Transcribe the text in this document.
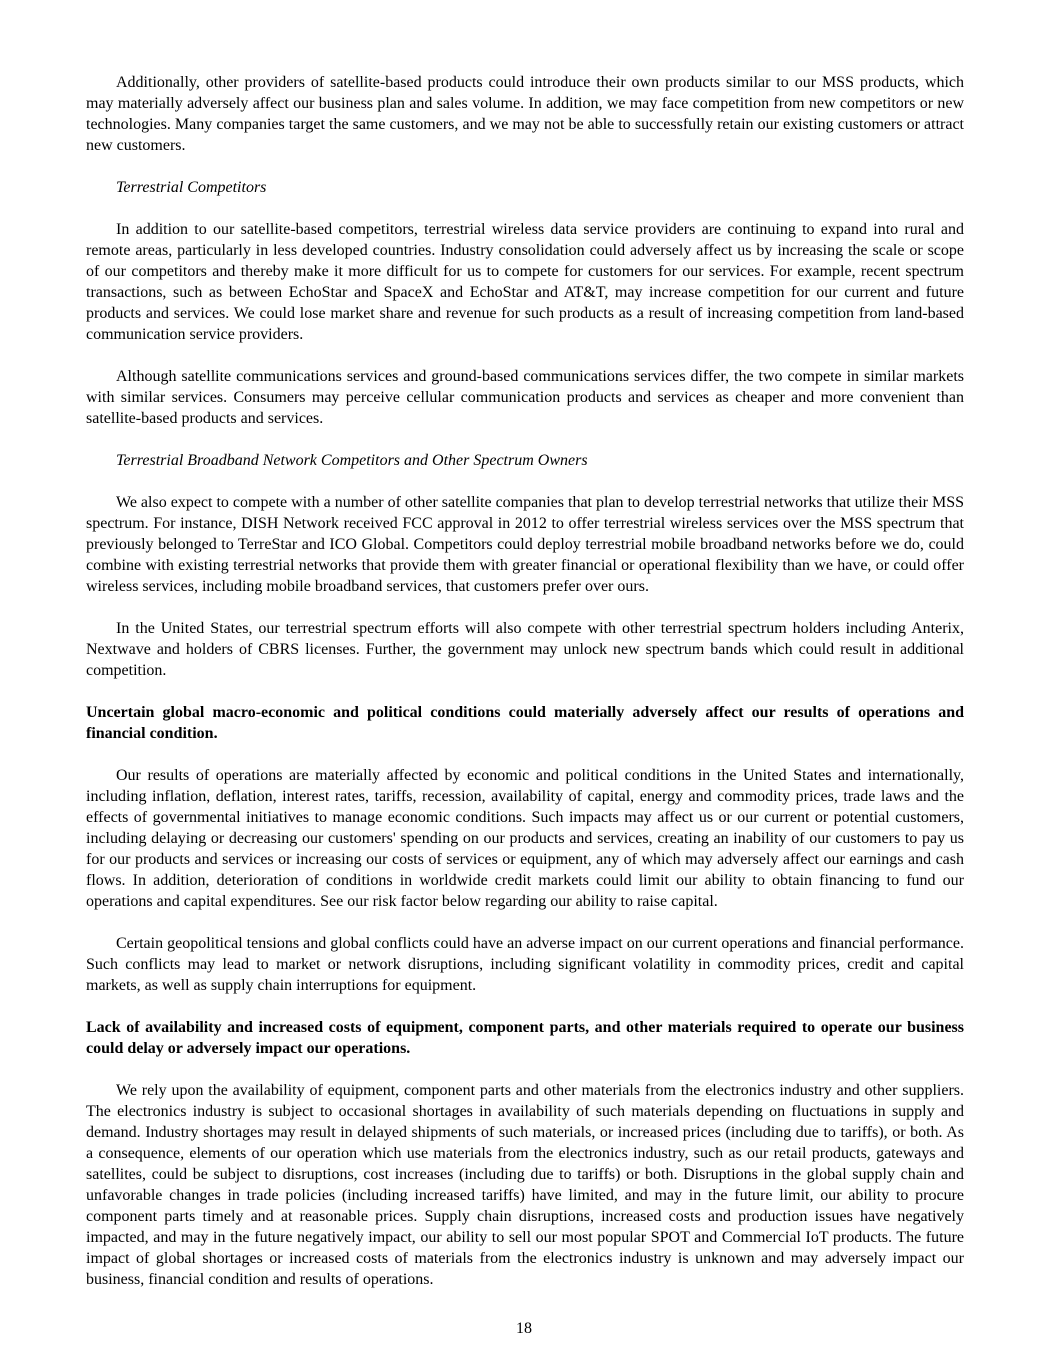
Additionally, other providers of satellite-based products could introduce their own products similar to our MSS products, which may materially adversely affect our business plan and sales volume. In addition, we may face competition from new competitors or new technologies. Many companies target the same customers, and we may not be able to successfully retain our existing customers or attract new customers.

Terrestrial Competitors

In addition to our satellite-based competitors, terrestrial wireless data service providers are continuing to expand into rural and remote areas, particularly in less developed countries. Industry consolidation could adversely affect us by increasing the scale or scope of our competitors and thereby make it more difficult for us to compete for customers for our services. For example, recent spectrum transactions, such as between EchoStar and SpaceX and EchoStar and AT&T, may increase competition for our current and future products and services. We could lose market share and revenue for such products as a result of increasing competition from land-based communication service providers.

Although satellite communications services and ground-based communications services differ, the two compete in similar markets with similar services. Consumers may perceive cellular communication products and services as cheaper and more convenient than satellite-based products and services.

Terrestrial Broadband Network Competitors and Other Spectrum Owners

We also expect to compete with a number of other satellite companies that plan to develop terrestrial networks that utilize their MSS spectrum. For instance, DISH Network received FCC approval in 2012 to offer terrestrial wireless services over the MSS spectrum that previously belonged to TerreStar and ICO Global. Competitors could deploy terrestrial mobile broadband networks before we do, could combine with existing terrestrial networks that provide them with greater financial or operational flexibility than we have, or could offer wireless services, including mobile broadband services, that customers prefer over ours.

In the United States, our terrestrial spectrum efforts will also compete with other terrestrial spectrum holders including Anterix, Nextwave and holders of CBRS licenses. Further, the government may unlock new spectrum bands which could result in additional competition.

Uncertain global macro-economic and political conditions could materially adversely affect our results of operations and financial condition.

Our results of operations are materially affected by economic and political conditions in the United States and internationally, including inflation, deflation, interest rates, tariffs, recession, availability of capital, energy and commodity prices, trade laws and the effects of governmental initiatives to manage economic conditions. Such impacts may affect us or our current or potential customers, including delaying or decreasing our customers' spending on our products and services, creating an inability of our customers to pay us for our products and services or increasing our costs of services or equipment, any of which may adversely affect our earnings and cash flows. In addition, deterioration of conditions in worldwide credit markets could limit our ability to obtain financing to fund our operations and capital expenditures. See our risk factor below regarding our ability to raise capital.

Certain geopolitical tensions and global conflicts could have an adverse impact on our current operations and financial performance. Such conflicts may lead to market or network disruptions, including significant volatility in commodity prices, credit and capital markets, as well as supply chain interruptions for equipment.

Lack of availability and increased costs of equipment, component parts, and other materials required to operate our business could delay or adversely impact our operations.

We rely upon the availability of equipment, component parts and other materials from the electronics industry and other suppliers. The electronics industry is subject to occasional shortages in availability of such materials depending on fluctuations in supply and demand. Industry shortages may result in delayed shipments of such materials, or increased prices (including due to tariffs), or both. As a consequence, elements of our operation which use materials from the electronics industry, such as our retail products, gateways and satellites, could be subject to disruptions, cost increases (including due to tariffs) or both. Disruptions in the global supply chain and unfavorable changes in trade policies (including increased tariffs) have limited, and may in the future limit, our ability to procure component parts timely and at reasonable prices. Supply chain disruptions, increased costs and production issues have negatively impacted, and may in the future negatively impact, our ability to sell our most popular SPOT and Commercial IoT products. The future impact of global shortages or increased costs of materials from the electronics industry is unknown and may adversely impact our business, financial condition and results of operations.

18
